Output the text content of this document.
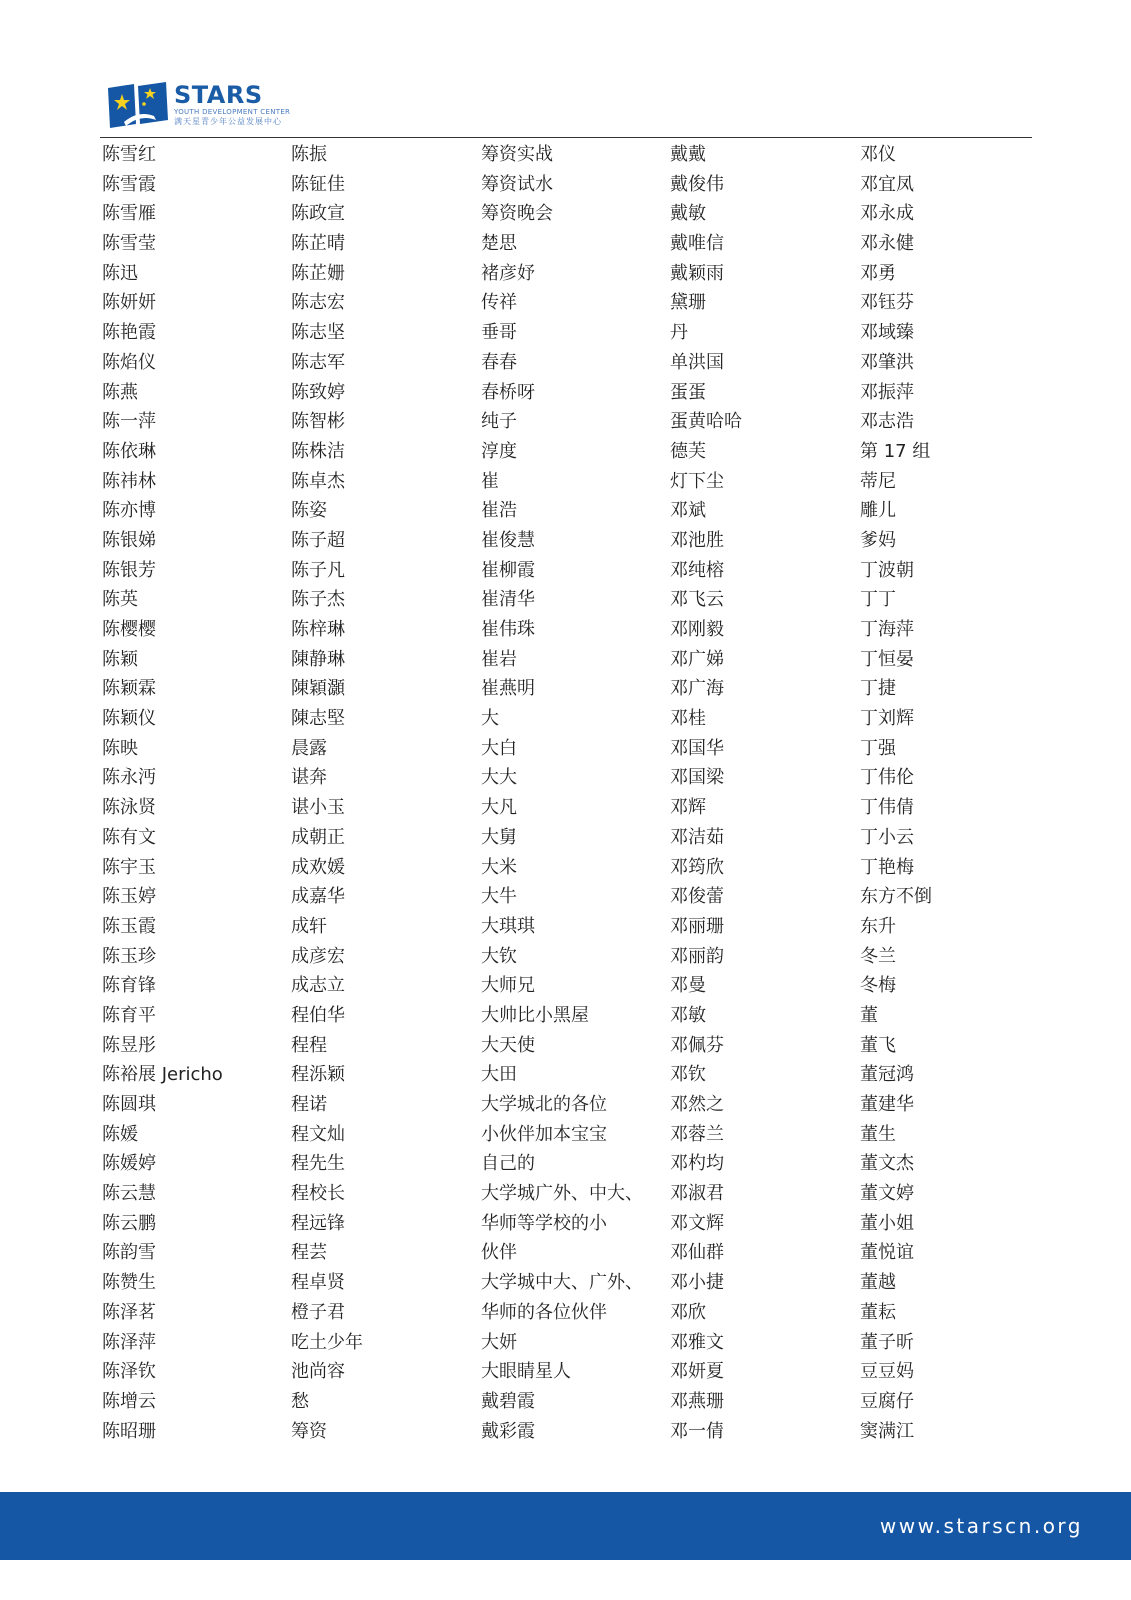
STARS
YOUTH DEVELOPMENT CENTER
满天星青少年公益发展中心
陈雪红
陈雪霞
陈雪雁
陈雪莹
陈迅
陈妍妍
陈艳霞
陈焰仪
陈燕
陈一萍
陈依琳
陈祎林
陈亦博
陈银娣
陈银芳
陈英
陈樱樱
陈颖
陈颖霖
陈颖仪
陈映
陈永沔
陈泳贤
陈有文
陈宇玉
陈玉婷
陈玉霞
陈玉珍
陈育锋
陈育平
陈昱彤
陈裕展 Jericho
陈圆琪
陈媛
陈媛婷
陈云慧
陈云鹏
陈韵雪
陈赞生
陈泽茗
陈泽萍
陈泽钦
陈增云
陈昭珊
陈振
陈钲佳
陈政宣
陈芷晴
陈芷姗
陈志宏
陈志坚
陈志军
陈致婷
陈智彬
陈株洁
陈卓杰
陈姿
陈子超
陈子凡
陈子杰
陈梓琳
陳静琳
陳穎灝
陳志堅
晨露
谌奔
谌小玉
成朝正
成欢媛
成嘉华
成轩
成彦宏
成志立
程伯华
程程
程泺颖
程诺
程文灿
程先生
程校长
程远锋
程芸
程卓贤
橙子君
吃土少年
池尚容
愁
筹资
筹资实战
筹资试水
筹资晚会
楚思
褚彦妤
传祥
垂哥
春春
春桥呀
纯子
淳度
崔
崔浩
崔俊慧
崔柳霞
崔清华
崔伟珠
崔岩
崔燕明
大
大白
大大
大凡
大舅
大米
大牛
大琪琪
大钦
大师兄
大帅比小黑屋
大天使
大田
大学城北的各位
小伙伴加本宝宝
自己的
大学城广外、中大、
华师等学校的小
伙伴
大学城中大、广外、
华师的各位伙伴
大妍
大眼睛星人
戴碧霞
戴彩霞
戴戴
戴俊伟
戴敏
戴唯信
戴颖雨
黛珊
丹
单洪国
蛋蛋
蛋黄哈哈
德芙
灯下尘
邓斌
邓池胜
邓纯榕
邓飞云
邓刚毅
邓广娣
邓广海
邓桂
邓国华
邓国梁
邓辉
邓洁茹
邓筠欣
邓俊蕾
邓丽珊
邓丽韵
邓曼
邓敏
邓佩芬
邓钦
邓然之
邓蓉兰
邓杓均
邓淑君
邓文辉
邓仙群
邓小捷
邓欣
邓雅文
邓妍夏
邓燕珊
邓一倩
邓仪
邓宜凤
邓永成
邓永健
邓勇
邓钰芬
邓域臻
邓肇洪
邓振萍
邓志浩
第 17 组
蒂尼
雕儿
爹妈
丁波朝
丁丁
丁海萍
丁恒晏
丁捷
丁刘辉
丁强
丁伟伦
丁伟倩
丁小云
丁艳梅
东方不倒
东升
冬兰
冬梅
董
董飞
董冠鸿
董建华
董生
董文杰
董文婷
董小姐
董悦谊
董越
董耘
董子昕
豆豆妈
豆腐仔
窦满江
www.starscn.org
